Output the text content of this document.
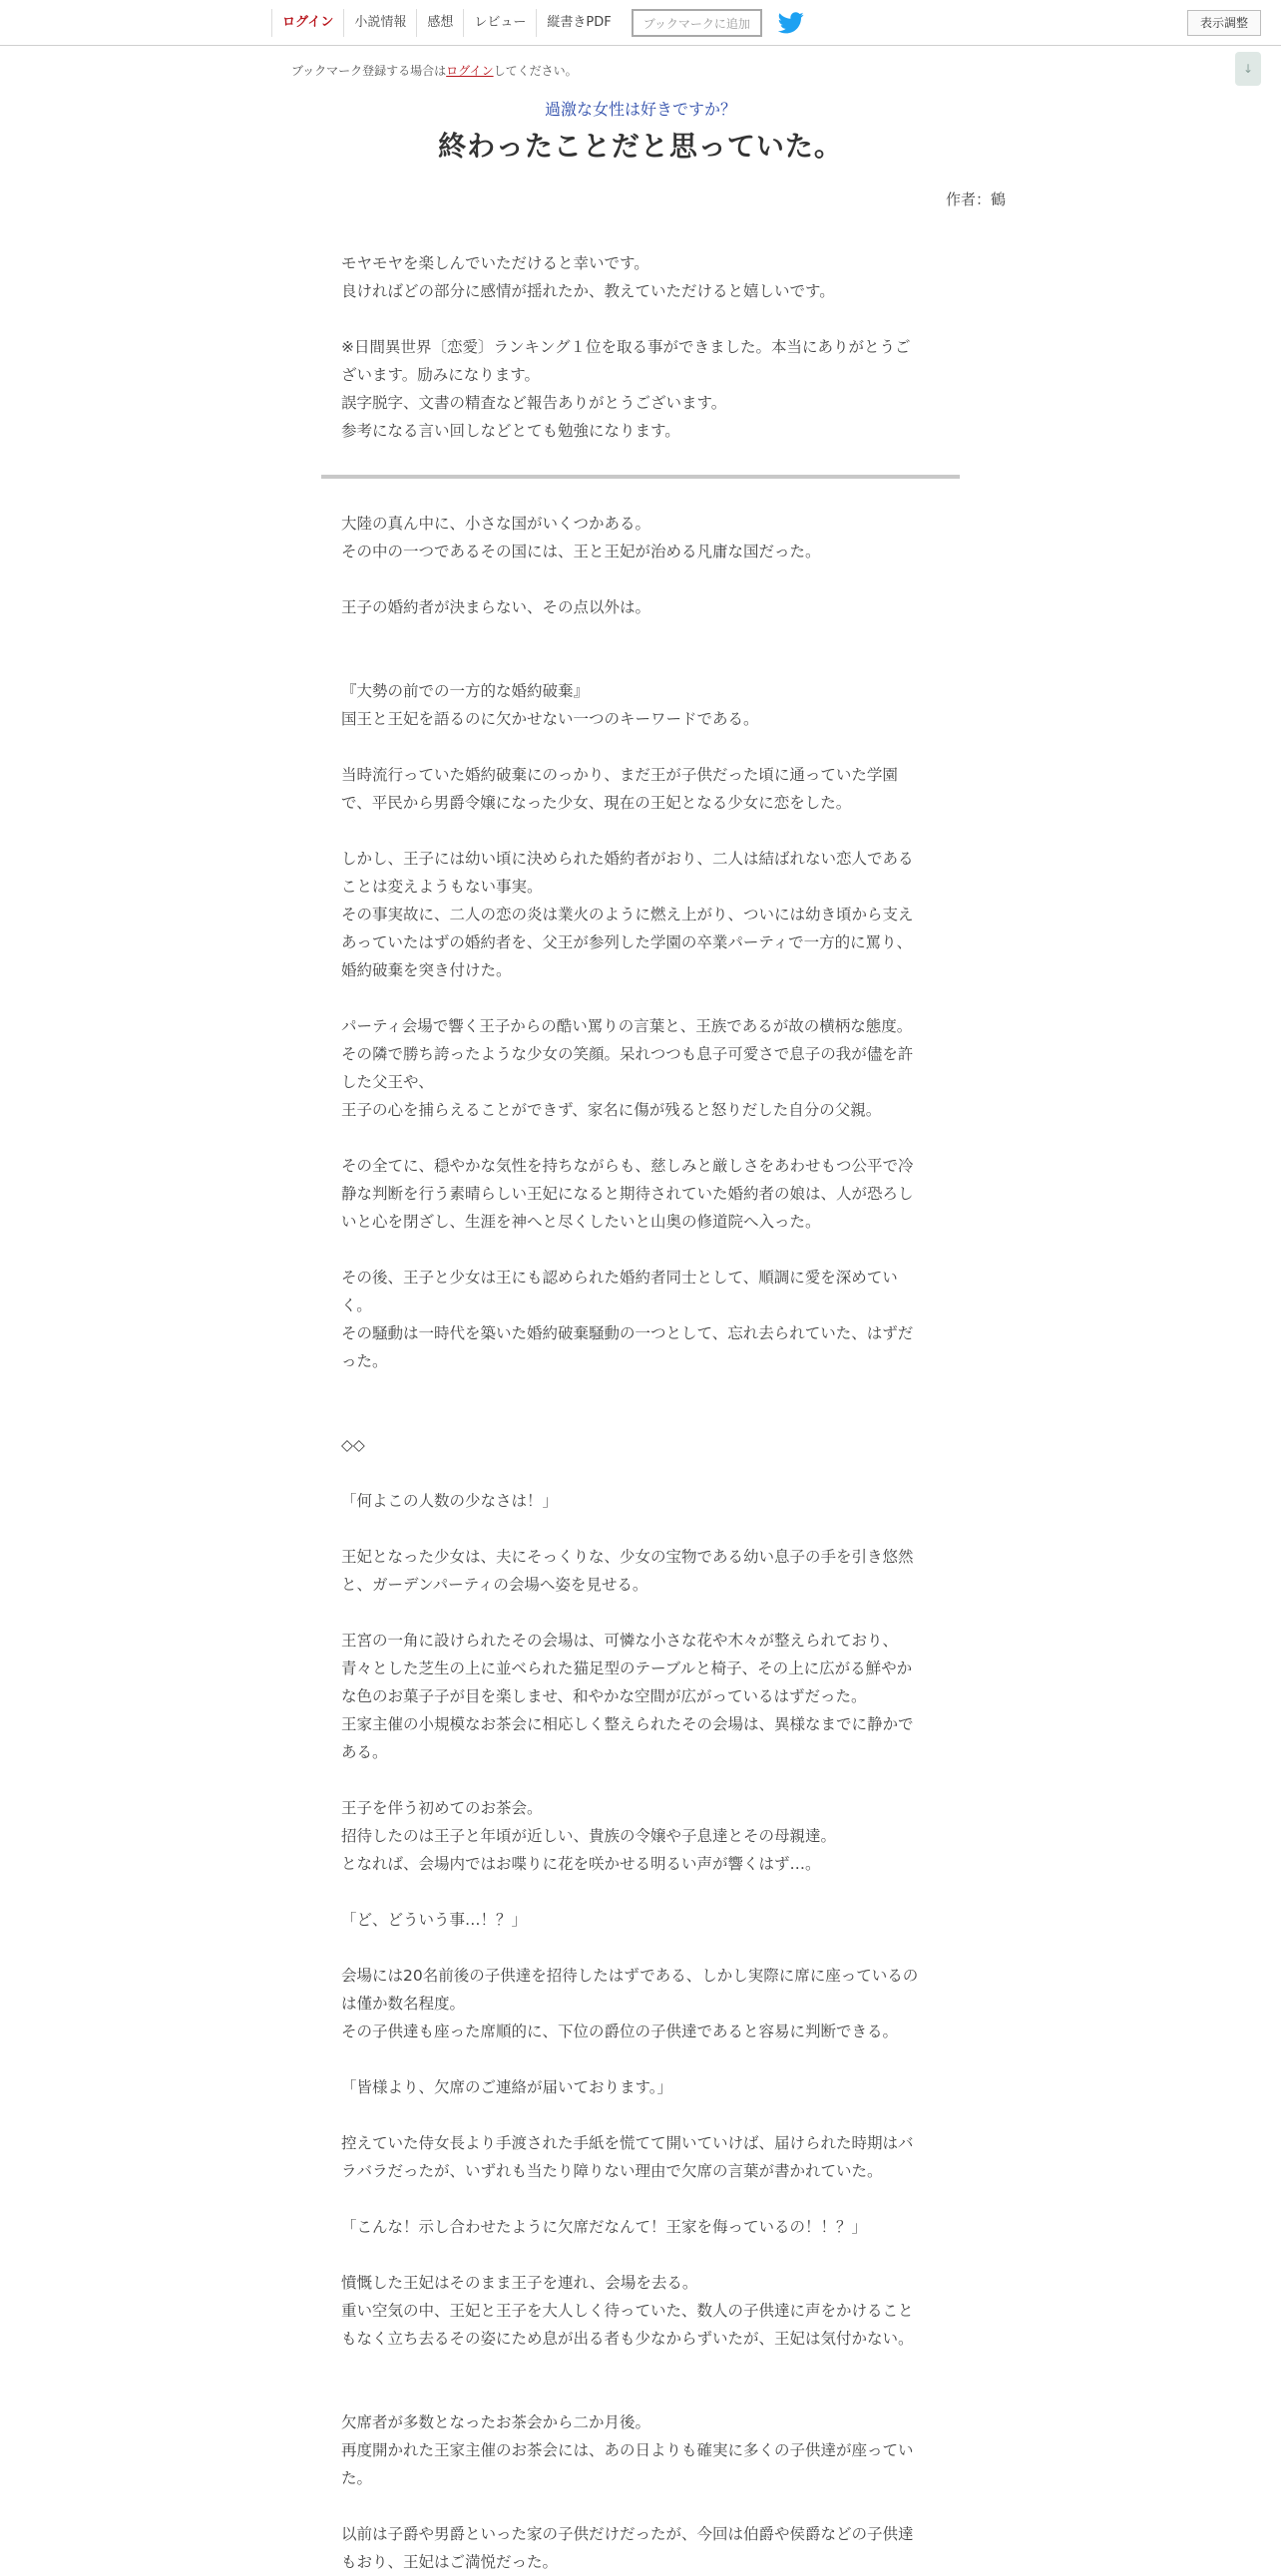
ログイン	小説情報	感想	レビュー	縦書きPDF	ブックマークに追加	表示調整
ブックマーク登録する場合はログインしてください。	↓
過激な女性は好きですか？
終わったことだと思っていた。
作者：鶴

モヤモヤを楽しんでいただけると幸いです。

良ければどの部分に感情が揺れたか、教えていただけると嬉しいです。

※日間異世界〔恋愛〕ランキング１位を取る事ができました。本当にありがとうご

ざいます。励みになります。

誤字脱字、文書の精査など報告ありがとうございます。

参考になる言い回しなどとても勉強になります。

大陸の真ん中に、小さな国がいくつかある。

その中の一つであるその国には、王と王妃が治める凡庸な国だった。

王子の婚約者が決まらない、その点以外は。

『大勢の前での一方的な婚約破棄』

国王と王妃を語るのに欠かせない一つのキーワードである。

当時流行っていた婚約破棄にのっかり、まだ王が子供だった頃に通っていた学園

で、平民から男爵令嬢になった少女、現在の王妃となる少女に恋をした。

しかし、王子には幼い頃に決められた婚約者がおり、二人は結ばれない恋人である

ことは変えようもない事実。

その事実故に、二人の恋の炎は業火のように燃え上がり、ついには幼き頃から支え

あっていたはずの婚約者を、父王が参列した学園の卒業パーティで一方的に罵り、

婚約破棄を突き付けた。

パーティ会場で響く王子からの酷い罵りの言葉と、王族であるが故の横柄な態度。

その隣で勝ち誇ったような少女の笑顔。呆れつつも息子可愛さで息子の我が儘を許

した父王や、

王子の心を捕らえることができず、家名に傷が残ると怒りだした自分の父親。

その全てに、穏やかな気性を持ちながらも、慈しみと厳しさをあわせもつ公平で冷

静な判断を行う素晴らしい王妃になると期待されていた婚約者の娘は、人が恐ろし

いと心を閉ざし、生涯を神へと尽くしたいと山奥の修道院へ入った。

その後、王子と少女は王にも認められた婚約者同士として、順調に愛を深めてい

く。

その騒動は一時代を築いた婚約破棄騒動の一つとして、忘れ去られていた、はずだ

った。

◇◇

「何よこの人数の少なさは！」

王妃となった少女は、夫にそっくりな、少女の宝物である幼い息子の手を引き悠然

と、ガーデンパーティの会場へ姿を見せる。

王宮の一角に設けられたその会場は、可憐な小さな花や木々が整えられており、

青々とした芝生の上に並べられた猫足型のテーブルと椅子、その上に広がる鮮やか

な色のお菓子子が目を楽しませ、和やかな空間が広がっているはずだった。

王家主催の小規模なお茶会に相応しく整えられたその会場は、異様なまでに静かで

ある。

王子を伴う初めてのお茶会。

招待したのは王子と年頃が近しい、貴族の令嬢や子息達とその母親達。

となれば、会場内ではお喋りに花を咲かせる明るい声が響くはず…。

「ど、どういう事…！？」

会場には20名前後の子供達を招待したはずである、しかし実際に席に座っているの

は僅か数名程度。

その子供達も座った席順的に、下位の爵位の子供達であると容易に判断できる。

「皆様より、欠席のご連絡が届いております。」

控えていた侍女長より手渡された手紙を慌てて開いていけば、届けられた時期はバ

ラバラだったが、いずれも当たり障りない理由で欠席の言葉が書かれていた。

「こんな！示し合わせたように欠席だなんて！王家を侮っているの！！？」

憤慨した王妃はそのまま王子を連れ、会場を去る。

重い空気の中、王妃と王子を大人しく待っていた、数人の子供達に声をかけること

もなく立ち去るその姿にため息が出る者も少なからずいたが、王妃は気付かない。

欠席者が多数となったお茶会から二か月後。

再度開かれた王家主催のお茶会には、あの日よりも確実に多くの子供達が座ってい

た。

以前は子爵や男爵といった家の子供だけだったが、今回は伯爵や侯爵などの子供達

もおり、王妃はご満悦だった。
